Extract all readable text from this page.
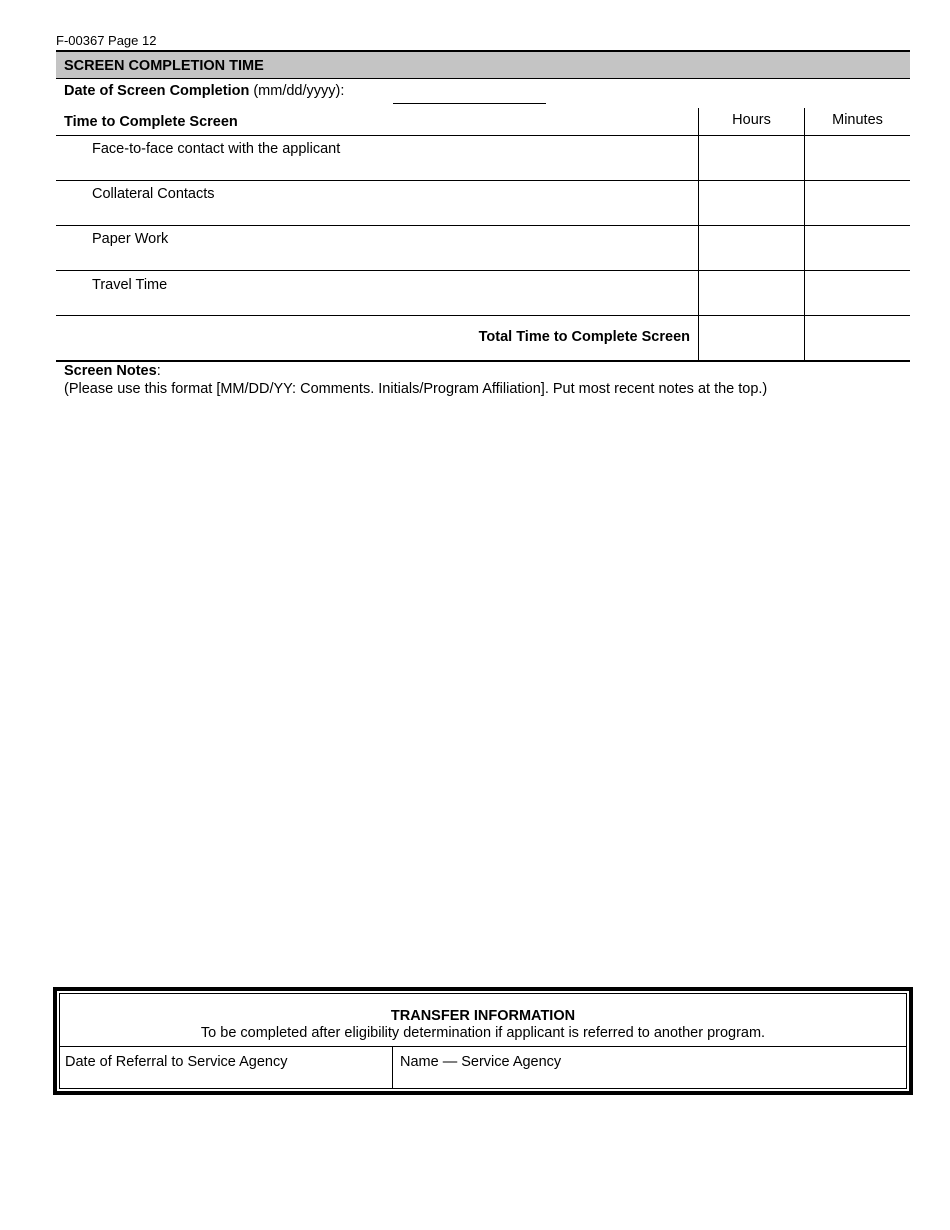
F-00367 Page 12
SCREEN COMPLETION TIME
Date of Screen Completion (mm/dd/yyyy):
Time to Complete Screen	Hours	Minutes
Face-to-face contact with the applicant
Collateral Contacts
Paper Work
Travel Time
Total Time to Complete Screen
Screen Notes:
(Please use this format [MM/DD/YY: Comments. Initials/Program Affiliation]. Put most recent notes at the top.)
TRANSFER INFORMATION
To be completed after eligibility determination if applicant is referred to another program.
Date of Referral to Service Agency	Name — Service Agency
